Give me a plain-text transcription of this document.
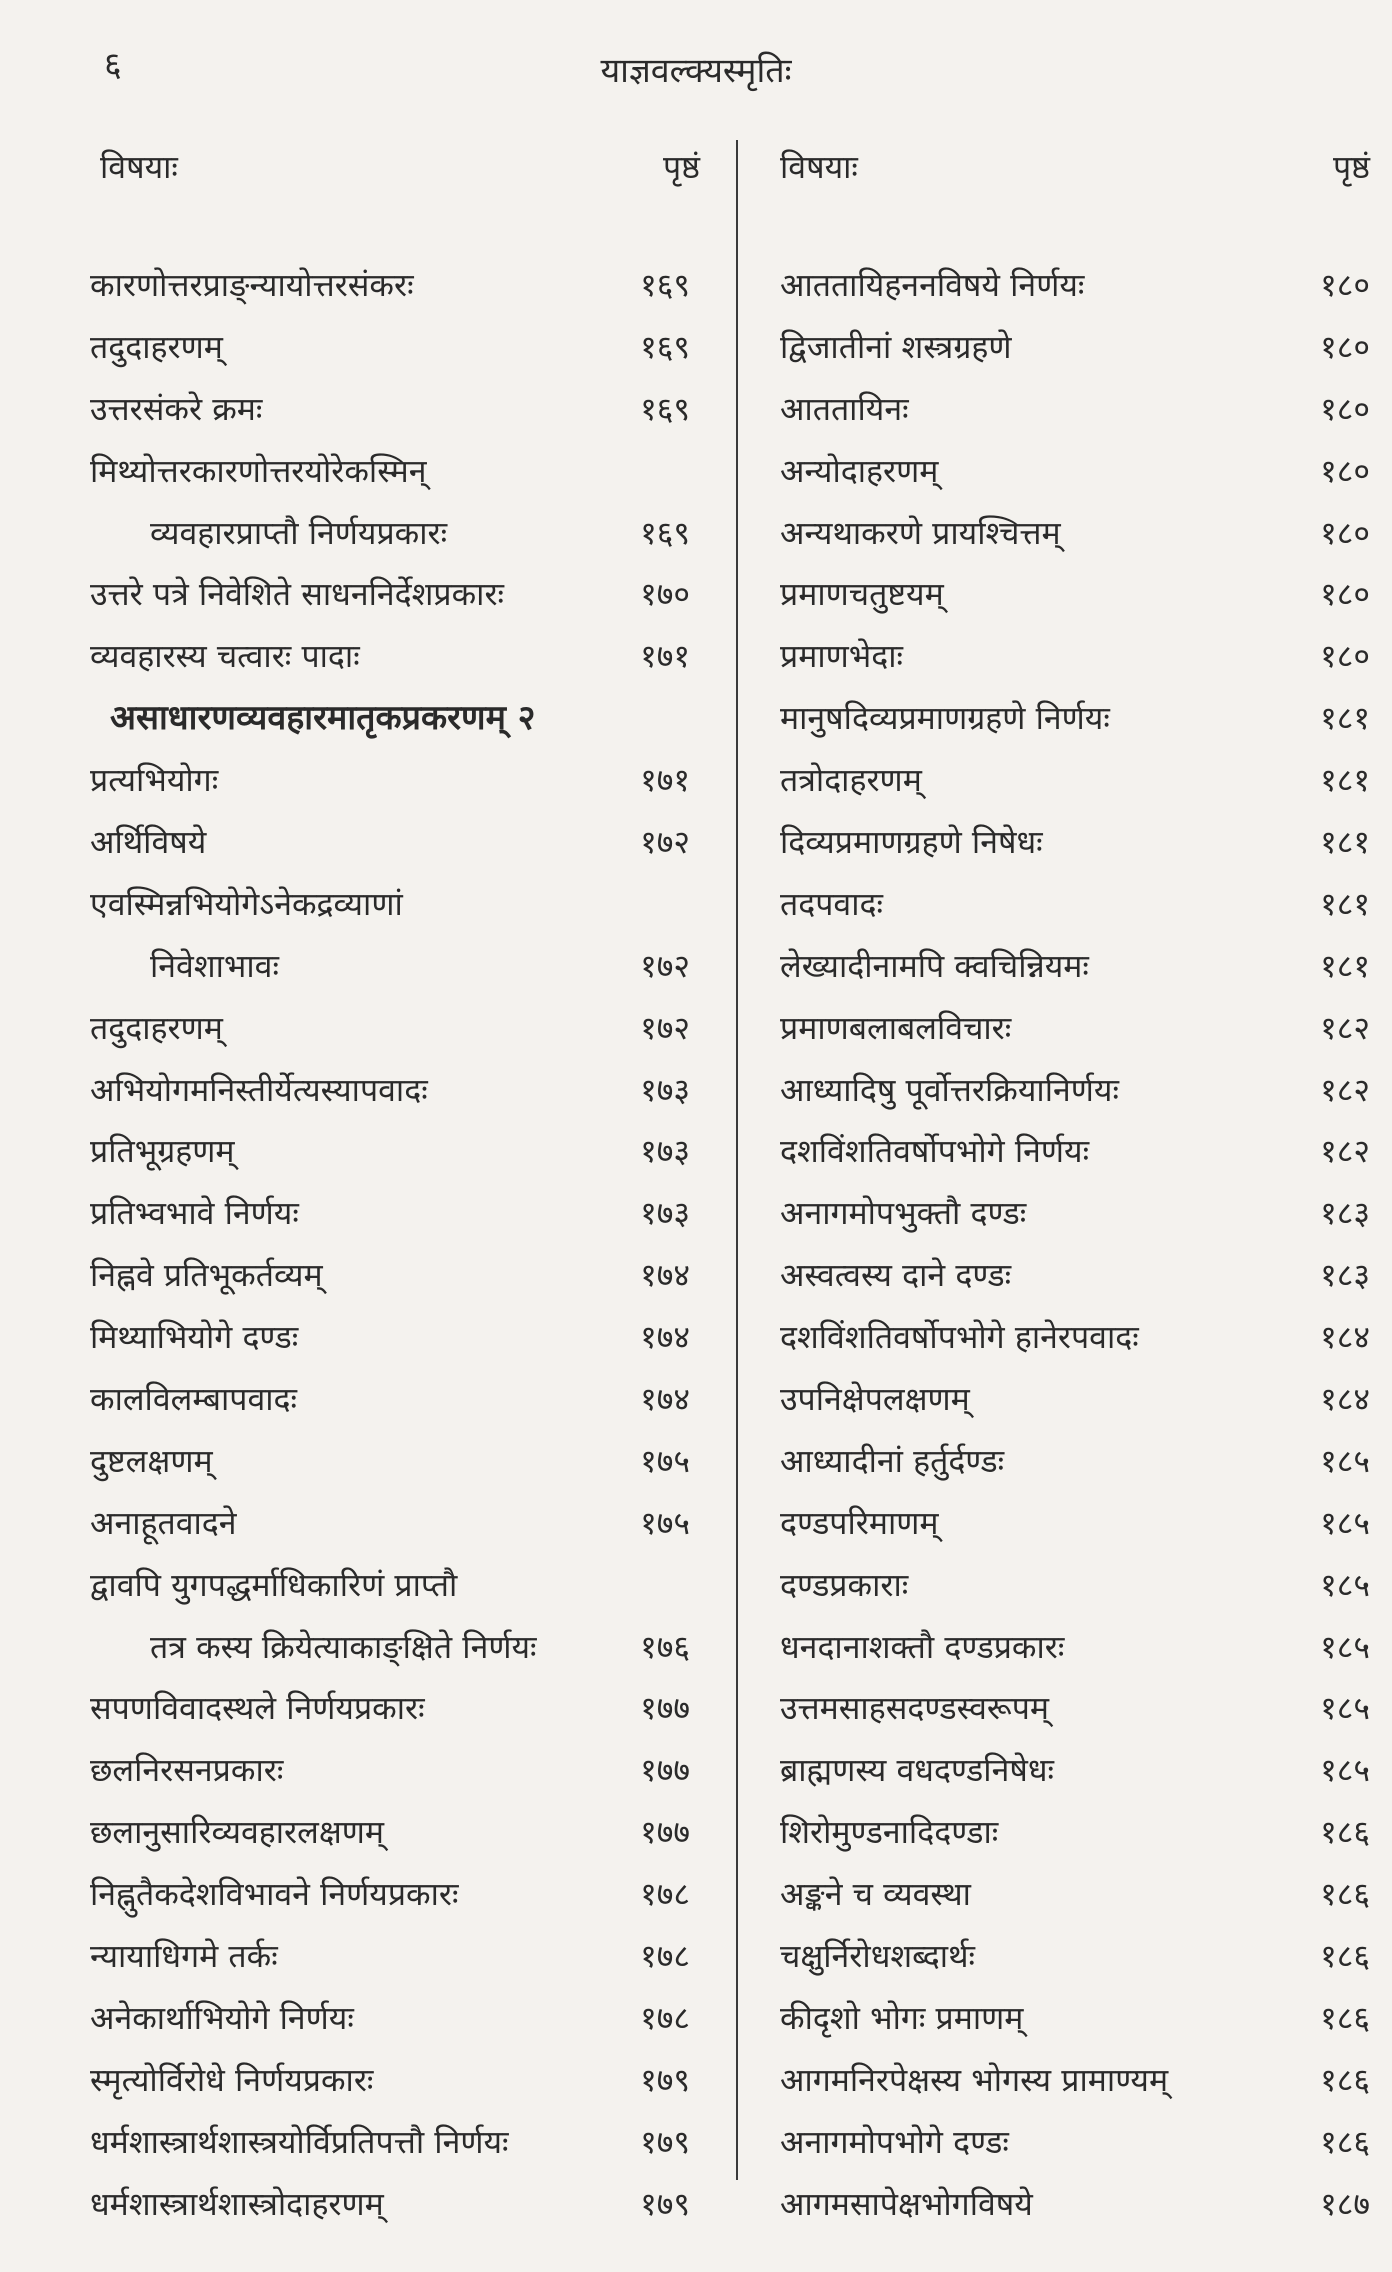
६	याज्ञवल्क्यस्मृतिः
विषयाः	पृष्ठं
कारणोत्तरप्राङ्न्यायोत्तरसंकरः	१६९
तदुदाहरणम्	१६९
उत्तरसंकरे क्रमः	१६९
मिथ्योत्तरकारणोत्तरयोरेकस्मिन्
व्यवहारप्राप्तौ निर्णयप्रकारः	१६९
उत्तरे पत्रे निवेशिते साधननिर्देशप्रकारः	१७०
व्यवहारस्य चत्वारः पादाः	१७१
असाधारणव्यवहारमातृकप्रकरणम् २
प्रत्यभियोगः	१७१
अर्थिविषये	१७२
एवस्मिन्नभियोगेऽनेकद्रव्याणां
निवेशाभावः	१७२
तदुदाहरणम्	१७२
अभियोगमनिस्तीर्येत्यस्यापवादः	१७३
प्रतिभूग्रहणम्	१७३
प्रतिभ्वभावे निर्णयः	१७३
निह्नवे प्रतिभूकर्तव्यम्	१७४
मिथ्याभियोगे दण्डः	१७४
कालविलम्बापवादः	१७४
दुष्टलक्षणम्	१७५
अनाहूतवादने	१७५
द्वावपि युगपद्धर्माधिकारिणं प्राप्तौ
तत्र कस्य क्रियेत्याकाङ्क्षिते निर्णयः	१७६
सपणविवादस्थले निर्णयप्रकारः	१७७
छलनिरसनप्रकारः	१७७
छलानुसारिव्यवहारलक्षणम्	१७७
निह्नुतैकदेशविभावने निर्णयप्रकारः	१७८
न्यायाधिगमे तर्कः	१७८
अनेकार्थाभियोगे निर्णयः	१७८
स्मृत्योर्विरोधे निर्णयप्रकारः	१७९
धर्मशास्त्रार्थशास्त्रयोर्विप्रतिपत्तौ निर्णयः	१७९
धर्मशास्त्रार्थशास्त्रोदाहरणम्	१७९
विषयाः	पृष्ठं
आततायिहननविषये निर्णयः	१८०
द्विजातीनां शस्त्रग्रहणे	१८०
आततायिनः	१८०
अन्योदाहरणम्	१८०
अन्यथाकरणे प्रायश्चित्तम्	१८०
प्रमाणचतुष्टयम्	१८०
प्रमाणभेदाः	१८०
मानुषदिव्यप्रमाणग्रहणे निर्णयः	१८१
तत्रोदाहरणम्	१८१
दिव्यप्रमाणग्रहणे निषेधः	१८१
तदपवादः	१८१
लेख्यादीनामपि क्वचिन्नियमः	१८१
प्रमाणबलाबलविचारः	१८२
आध्यादिषु पूर्वोत्तरक्रियानिर्णयः	१८२
दशविंशतिवर्षोपभोगे निर्णयः	१८२
अनागमोपभुक्तौ दण्डः	१८३
अस्वत्वस्य दाने दण्डः	१८३
दशविंशतिवर्षोपभोगे हानेरपवादः	१८४
उपनिक्षेपलक्षणम्	१८४
आध्यादीनां हर्तुर्दण्डः	१८५
दण्डपरिमाणम्	१८५
दण्डप्रकाराः	१८५
धनदानाशक्तौ दण्डप्रकारः	१८५
उत्तमसाहसदण्डस्वरूपम्	१८५
ब्राह्मणस्य वधदण्डनिषेधः	१८५
शिरोमुण्डनादिदण्डाः	१८६
अङ्कने च व्यवस्था	१८६
चक्षुर्निरोधशब्दार्थः	१८६
कीदृशो भोगः प्रमाणम्	१८६
आगमनिरपेक्षस्य भोगस्य प्रामाण्यम्	१८६
अनागमोपभोगे दण्डः	१८६
आगमसापेक्षभोगविषये	१८७
